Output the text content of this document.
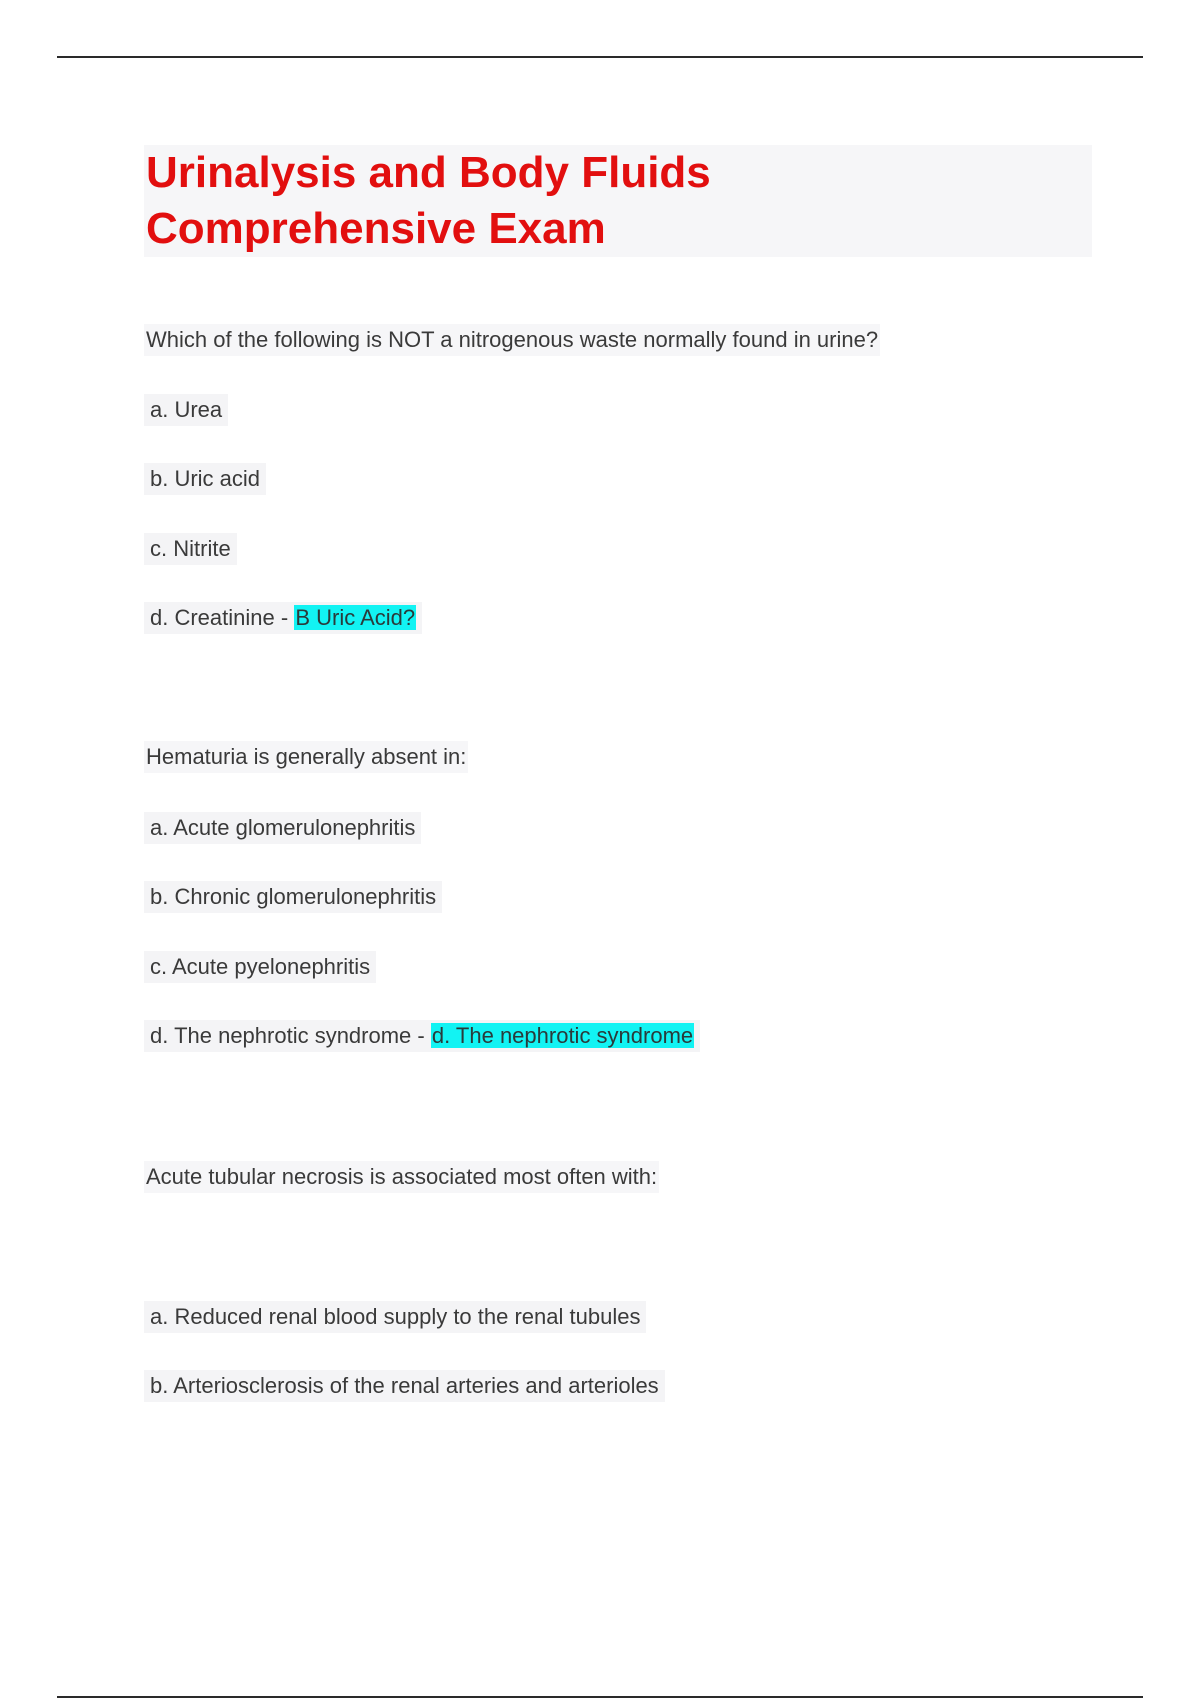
Urinalysis and Body Fluids
Comprehensive Exam
Which of the following is NOT a nitrogenous waste normally found in urine?
a. Urea
b. Uric acid
c. Nitrite
d. Creatinine - B Uric Acid?
Hematuria is generally absent in:
a. Acute glomerulonephritis
b. Chronic glomerulonephritis
c. Acute pyelonephritis
d. The nephrotic syndrome - d. The nephrotic syndrome
Acute tubular necrosis is associated most often with:
a. Reduced renal blood supply to the renal tubules
b. Arteriosclerosis of the renal arteries and arterioles
